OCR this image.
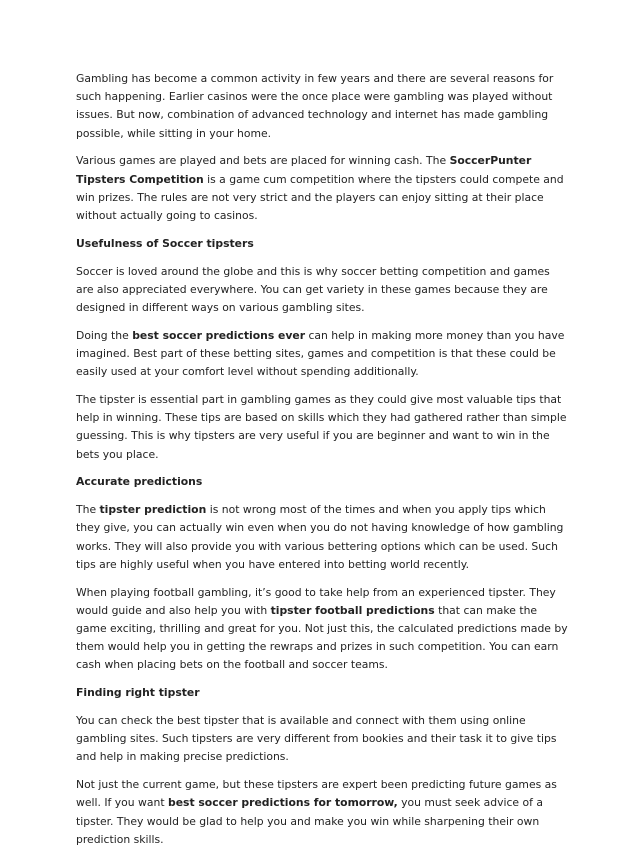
Gambling has become a common activity in few years and there are several reasons for such happening. Earlier casinos were the once place were gambling was played without issues. But now, combination of advanced technology and internet has made gambling possible, while sitting in your home.

Various games are played and bets are placed for winning cash. The SoccerPunter Tipsters Competition is a game cum competition where the tipsters could compete and win prizes. The rules are not very strict and the players can enjoy sitting at their place without actually going to casinos.

Usefulness of Soccer tipsters

Soccer is loved around the globe and this is why soccer betting competition and games are also appreciated everywhere. You can get variety in these games because they are designed in different ways on various gambling sites.

Doing the best soccer predictions ever can help in making more money than you have imagined. Best part of these betting sites, games and competition is that these could be easily used at your comfort level without spending additionally.

The tipster is essential part in gambling games as they could give most valuable tips that help in winning. These tips are based on skills which they had gathered rather than simple guessing. This is why tipsters are very useful if you are beginner and want to win in the bets you place.

Accurate predictions

The tipster prediction is not wrong most of the times and when you apply tips which they give, you can actually win even when you do not having knowledge of how gambling works. They will also provide you with various bettering options which can be used. Such tips are highly useful when you have entered into betting world recently.

When playing football gambling, it’s good to take help from an experienced tipster. They would guide and also help you with tipster football predictions that can make the game exciting, thrilling and great for you. Not just this, the calculated predictions made by them would help you in getting the rewraps and prizes in such competition. You can earn cash when placing bets on the football and soccer teams.

Finding right tipster

You can check the best tipster that is available and connect with them using online gambling sites. Such tipsters are very different from bookies and their task it to give tips and help in making precise predictions.

Not just the current game, but these tipsters are expert been predicting future games as well. If you want best soccer predictions for tomorrow, you must seek advice of a tipster. They would be glad to help you and make you win while sharpening their own prediction skills.
